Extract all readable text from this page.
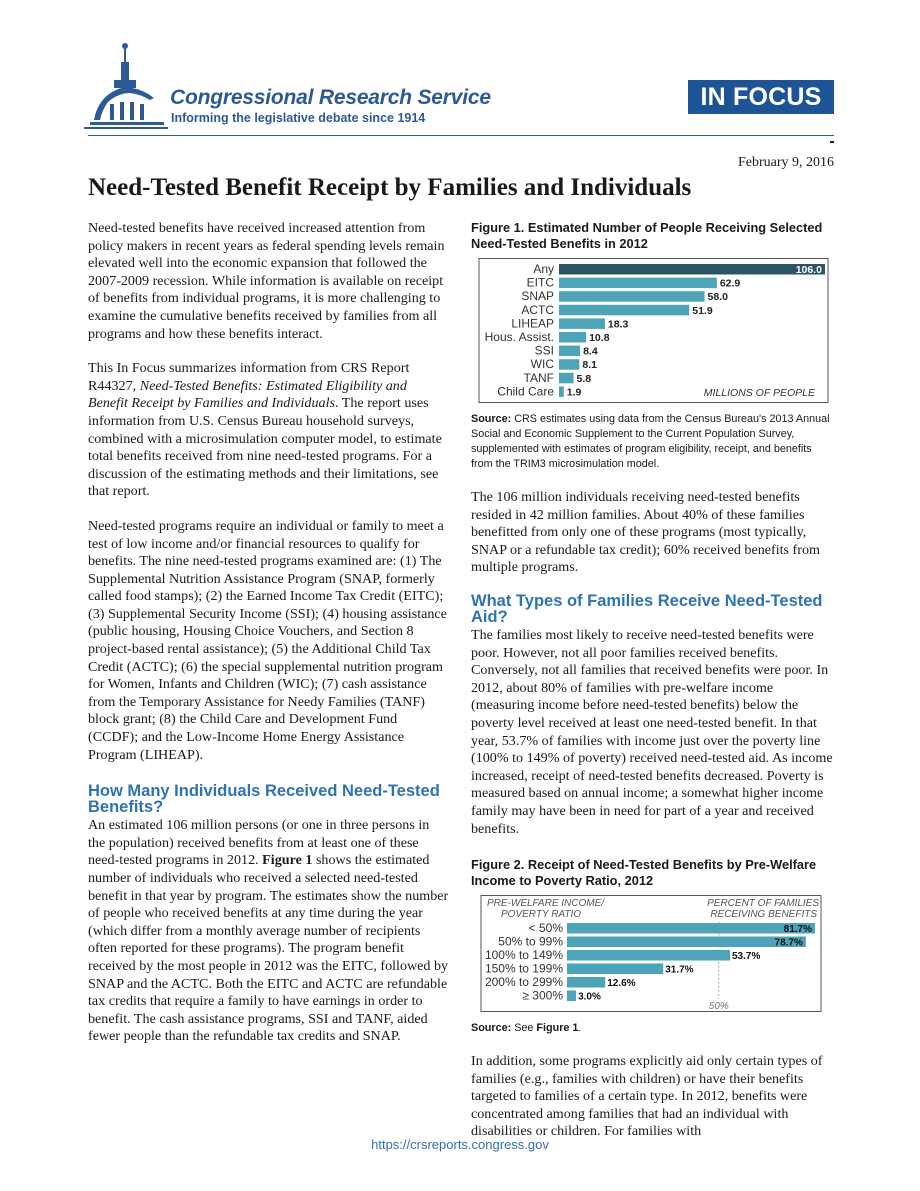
Congressional Research Service
Informing the legislative debate since 1914
IN FOCUS
February 9, 2016
Need-Tested Benefit Receipt by Families and Individuals

Need-tested benefits have received increased attention from policy makers in recent years as federal spending levels remain elevated well into the economic expansion that followed the 2007-2009 recession. While information is available on receipt of benefits from individual programs, it is more challenging to examine the cumulative benefits received by families from all programs and how these benefits interact.

This In Focus summarizes information from CRS Report R44327, Need-Tested Benefits: Estimated Eligibility and Benefit Receipt by Families and Individuals. The report uses information from U.S. Census Bureau household surveys, combined with a microsimulation computer model, to estimate total benefits received from nine need-tested programs. For a discussion of the estimating methods and their limitations, see that report.

Need-tested programs require an individual or family to meet a test of low income and/or financial resources to qualify for benefits. The nine need-tested programs examined are: (1) The Supplemental Nutrition Assistance Program (SNAP, formerly called food stamps); (2) the Earned Income Tax Credit (EITC); (3) Supplemental Security Income (SSI); (4) housing assistance (public housing, Housing Choice Vouchers, and Section 8 project-based rental assistance); (5) the Additional Child Tax Credit (ACTC); (6) the special supplemental nutrition program for Women, Infants and Children (WIC); (7) cash assistance from the Temporary Assistance for Needy Families (TANF) block grant; (8) the Child Care and Development Fund (CCDF); and the Low-Income Home Energy Assistance Program (LIHEAP).

How Many Individuals Received Need-Tested Benefits?

An estimated 106 million persons (or one in three persons in the population) received benefits from at least one of these need-tested programs in 2012. Figure 1 shows the estimated number of individuals who received a selected need-tested benefit in that year by program. The estimates show the number of people who received benefits at any time during the year (which differ from a monthly average number of recipients often reported for these programs). The program benefit received by the most people in 2012 was the EITC, followed by SNAP and the ACTC. Both the EITC and ACTC are refundable tax credits that require a family to have earnings in order to benefit. The cash assistance programs, SSI and TANF, aided fewer people than the refundable tax credits and SNAP.

Figure 1. Estimated Number of People Receiving Selected Need-Tested Benefits in 2012
Any	106.0
EITC	62.9
SNAP	58.0
ACTC	51.9
LIHEAP	18.3
Hous. Assist.	10.8
SSI	8.4
WIC	8.1
TANF 5.8
Child Care 1.9	MILLIONS OF PEOPLE
Source: CRS estimates using data from the Census Bureau's 2013 Annual Social and Economic Supplement to the Current Population Survey, supplemented with estimates of program eligibility, receipt, and benefits from the TRIM3 microsimulation model.

The 106 million individuals receiving need-tested benefits resided in 42 million families. About 40% of these families benefitted from only one of these programs (most typically, SNAP or a refundable tax credit); 60% received benefits from multiple programs.

What Types of Families Receive Need-Tested Aid?

The families most likely to receive need-tested benefits were poor. However, not all poor families received benefits. Conversely, not all families that received benefits were poor. In 2012, about 80% of families with pre-welfare income (measuring income before need-tested benefits) below the poverty level received at least one need-tested benefit. In that year, 53.7% of families with income just over the poverty line (100% to 149% of poverty) received need-tested aid. As income increased, receipt of need-tested benefits decreased. Poverty is measured based on annual income; a somewhat higher income family may have been in need for part of a year and received benefits.

Figure 2. Receipt of Need-Tested Benefits by Pre-Welfare Income to Poverty Ratio, 2012
PRE-WELFARE INCOME/
POVERTY RATIO
PERCENT OF FAMILIES
RECEIVING BENEFITS
50%
< 50%	81.7%
50% to 99%	78.7%
100% to 149%	53.7%
150% to 199%	31.7%
200% to 299%	12.6%
≥ 300% 3.0%
Source: See Figure 1.

In addition, some programs explicitly aid only certain types of families (e.g., families with children) or have their benefits targeted to families of a certain type. In 2012, benefits were concentrated among families that had an individual with disabilities or children. For families with

https://crsreports.congress.gov
